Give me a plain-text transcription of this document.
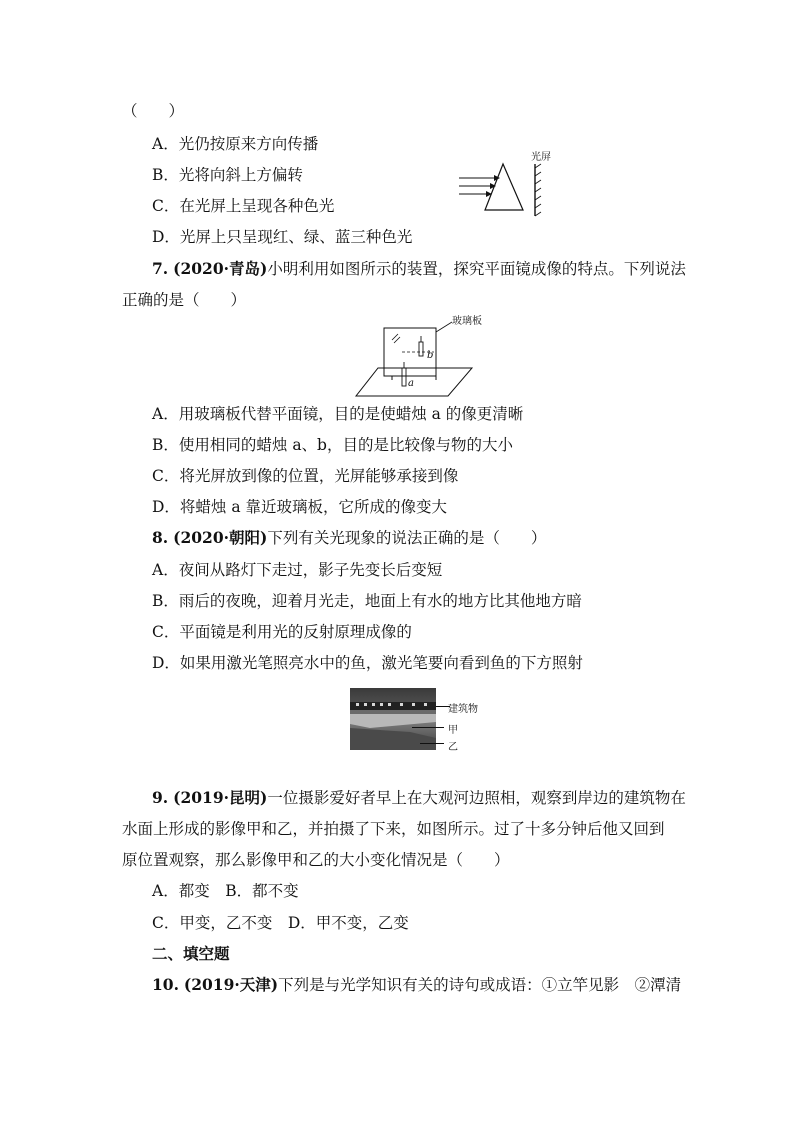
（　　）
A．光仍按原来方向传播
B．光将向斜上方偏转
C．在光屏上呈现各种色光
D．光屏上只呈现红、绿、蓝三种色光
光屏
7. (2020·青岛)小明利用如图所示的装置，探究平面镜成像的特点。下列说法
正确的是（　　）
玻璃板
b
a
A．用玻璃板代替平面镜，目的是使蜡烛 a 的像更清晰
B．使用相同的蜡烛 a、b，目的是比较像与物的大小
C．将光屏放到像的位置，光屏能够承接到像
D．将蜡烛 a 靠近玻璃板，它所成的像变大
8. (2020·朝阳)下列有关光现象的说法正确的是（　　）
A．夜间从路灯下走过，影子先变长后变短
B．雨后的夜晚，迎着月光走，地面上有水的地方比其他地方暗
C．平面镜是利用光的反射原理成像的
D．如果用激光笔照亮水中的鱼，激光笔要向看到鱼的下方照射
建筑物
甲
乙
9. (2019·昆明)一位摄影爱好者早上在大观河边照相，观察到岸边的建筑物在
水面上形成的影像甲和乙，并拍摄了下来，如图所示。过了十多分钟后他又回到
原位置观察，那么影像甲和乙的大小变化情况是（　　）
A．都变　B．都不变
C．甲变，乙不变　D．甲不变，乙变
二、填空题
10. (2019·天津)下列是与光学知识有关的诗句或成语：①立竿见影　②潭清
